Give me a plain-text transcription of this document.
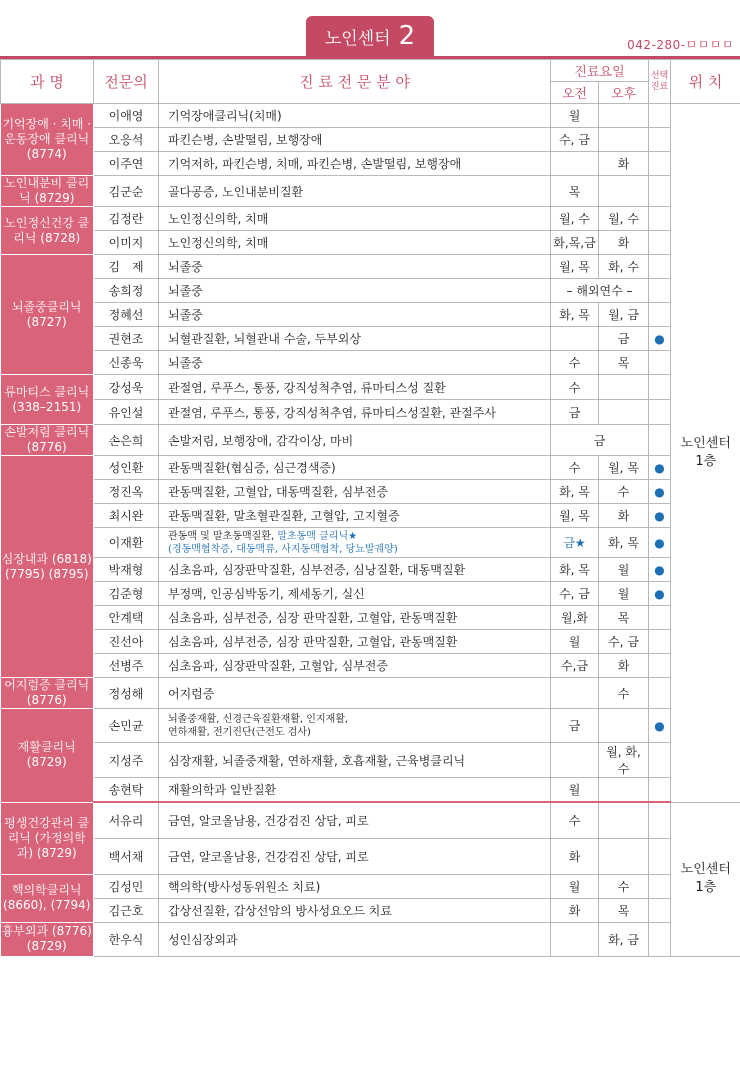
노인센터 2	042-280-ㅁㅁㅁㅁ
과 명	전문의	진 료 전 문 분 야	진료요일		선택진료	위 치
			오전	오후		
기억장애 · 치매 · 운동장애 클리닉(8774)	이애영	기억장애클리닉(치매)	월			노인센터
1층
	오응석	파킨슨병, 손발떨림, 보행장애	수, 금			
	이주연	기억저하, 파킨슨병, 치매, 파킨슨병, 손발떨림, 보행장애		화		
노인내분비 클리닉 (8729)	김군순	골다공증, 노인내분비질환	목			
노인정신건강 클리닉 (8728)	김정란	노인정신의학, 치매	월, 수	월, 수		
	이미지	노인정신의학, 치매	화,목,금	화		
뇌졸중클리닉 (8727)	김　제	뇌졸중	월, 목	화, 수		
	송희정	뇌졸중	– 해외연수 –			
	정혜선	뇌졸중	화, 목	월, 금		
	권현조	뇌혈관질환, 뇌혈관내 수술, 두부외상		금	●	
	신종욱	뇌졸중	수	목		
류마티스 클리닉 (338–2151)	강성욱	관절염, 루푸스, 통풍, 강직성척추염, 류마티스성 질환	수			
	유인설	관절염, 루푸스, 통풍, 강직성척추염, 류마티스성질환, 관절주사	금			
손발저림 클리닉 (8776)	손은희	손발저림, 보행장애, 감각이상, 마비	금			
심장내과 (6818) (7795) (8795)	성인환	관동맥질환(협심증, 심근경색증)	수	월, 목	●	
	정진옥	관동맥질환, 고혈압, 대동맥질환, 심부전증	화, 목	수	●	
	최시완	관동맥질환, 말초혈관질환, 고혈압, 고지혈증	월, 목	화	●	
	이재환	관동맥 및 말초동맥질환, 말초동맥 클리닉★
(경동맥협착증, 대동맥류, 사지동맥협착, 당뇨발궤양)	금★	화, 목	●	
	박재형	심초음파, 심장판막질환, 심부전증, 심낭질환, 대동맥질환	화, 목	월	●	
	김준형	부정맥, 인공심박동기, 제세동기, 실신	수, 금	월	●	
	안계택	심초음파, 심부전증, 심장 판막질환, 고혈압, 관동맥질환	월,화	목		
	진선아	심초음파, 심부전증, 심장 판막질환, 고혈압, 관동맥질환	월	수, 금		
	선병주	심초음파, 심장판막질환, 고혈압, 심부전증	수,금	화		
어지럼증 클리닉 (8776)	정성해	어지럼증		수		
재활클리닉 (8729)	손민균	뇌졸중재활, 신경근육질환재활, 인지재활,
연하재활, 전기진단(근전도 검사)	금		●	
	지성주	심장재활, 뇌졸중재활, 연하재활, 호흡재활, 근육병클리닉		월, 화, 수		
	송현탁	재활의학과 일반질환	월			
평생건강관리 클리닉 (가정의학과) (8729)	서유리	금연, 알코올남용, 건강검진 상담, 피로	수			노인센터
1층
	백서채	금연, 알코올남용, 건강검진 상담, 피로	화			
핵의학클리닉 (8660), (7794)	김성민	핵의학(방사성동위원소 치료)	월	수		
	김근호	갑상선질환, 갑상선암의 방사성요오드 치료	화	목		
흉부외과 (8776) (8729)	한우식	성인심장외과		화, 금		
